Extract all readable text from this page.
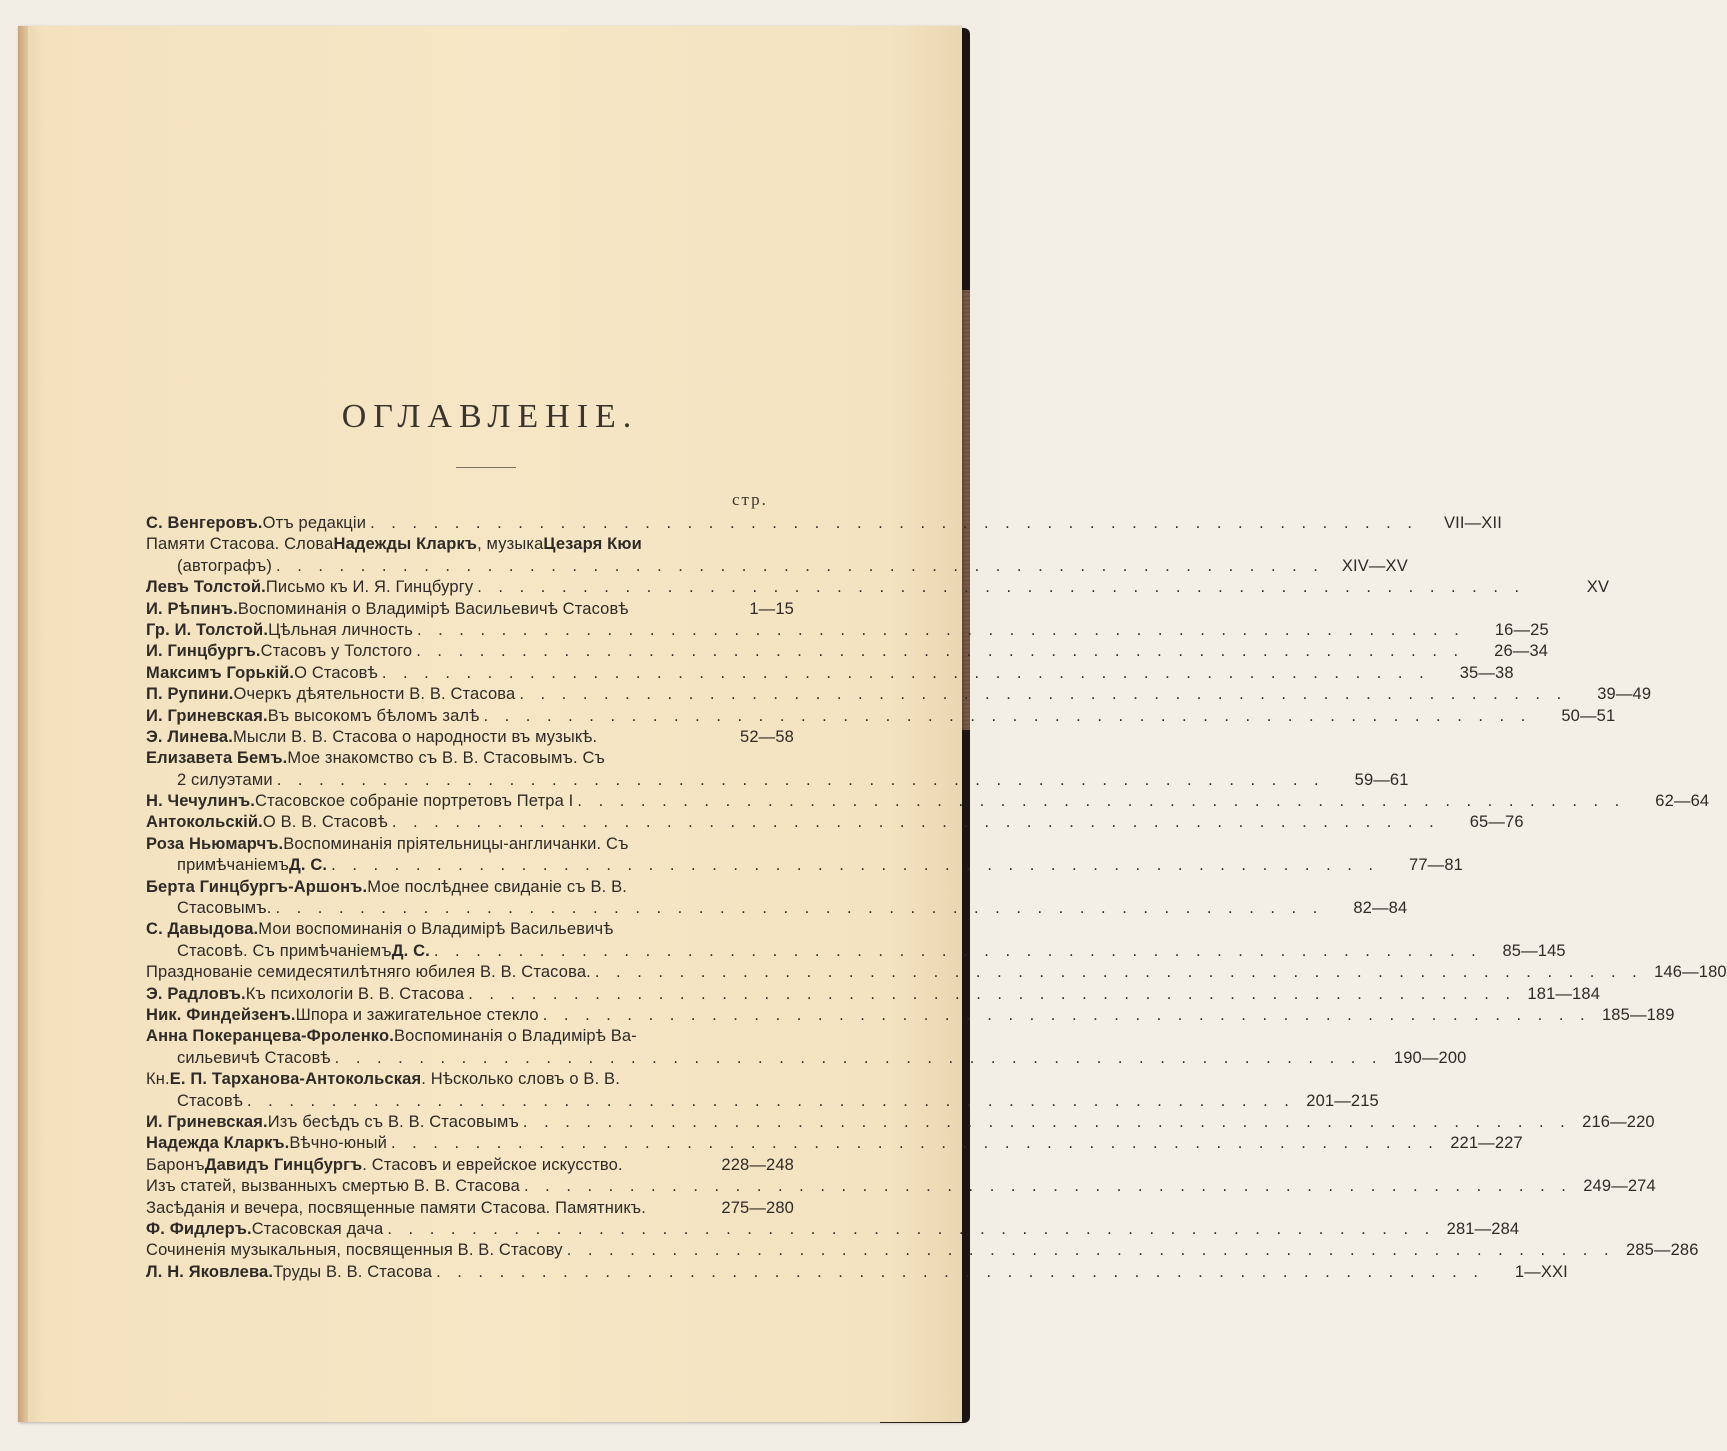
ОГЛАВЛЕНIЕ.
стр.
С. Венгеровъ. Отъ редакціи . . . . . . . . . . . . . . . . . . . . . . . . . . . . . . . . . . . . . . . . . . . . . . . . . .	VII—XII
Памяти Стасова. Слова Надежды Кларкъ , музыка Цезаря Кюи
(автографъ) . . . . . . . . . . . . . . . . . . . . . . . . . . . . . . . . . . . . . . . . . . . . . . . . . .	XIV—XV
Левъ Толстой. Письмо къ И. Я. Гинцбургу . . . . . . . . . . . . . . . . . . . . . . . . . . . . . . . . . . . . . . . . . . . . . . . . . .	XV
И. Рѣпинъ. Воспоминанія о Владимірѣ Васильевичѣ Стасовѣ	1—15
Гр. И. Толстой. Цѣльная личность . . . . . . . . . . . . . . . . . . . . . . . . . . . . . . . . . . . . . . . . . . . . . . . . . .	16—25
И. Гинцбургъ. Стасовъ у Толстого . . . . . . . . . . . . . . . . . . . . . . . . . . . . . . . . . . . . . . . . . . . . . . . . . .	26—34
Максимъ Горькій. О Стасовѣ . . . . . . . . . . . . . . . . . . . . . . . . . . . . . . . . . . . . . . . . . . . . . . . . . .	35—38
П. Рупини. Очеркъ дѣятельности В. В. Стасова . . . . . . . . . . . . . . . . . . . . . . . . . . . . . . . . . . . . . . . . . . . . . . . . . .	39—49
И. Гриневская. Въ высокомъ бѣломъ залѣ . . . . . . . . . . . . . . . . . . . . . . . . . . . . . . . . . . . . . . . . . . . . . . . . . .	50—51
Э. Линева. Мысли В. В. Стасова о народности въ музыкѣ.	52—58
Елизавета Бемъ. Мое знакомство съ В. В. Стасовымъ. Съ
2 силуэтами . . . . . . . . . . . . . . . . . . . . . . . . . . . . . . . . . . . . . . . . . . . . . . . . . .	59—61
Н. Чечулинъ. Стасовское собраніе портретовъ Петра I . . . . . . . . . . . . . . . . . . . . . . . . . . . . . . . . . . . . . . . . . . . . . . . . . .	62—64
Антокольскій. О В. В. Стасовѣ . . . . . . . . . . . . . . . . . . . . . . . . . . . . . . . . . . . . . . . . . . . . . . . . . .	65—76
Роза Ньюмарчъ. Воспоминанія пріятельницы-англичанки. Съ
примѣчаніемъ Д. С. . . . . . . . . . . . . . . . . . . . . . . . . . . . . . . . . . . . . . . . . . . . . . . . . . .	77—81
Берта Гинцбургъ-Аршонъ. Мое послѣднее свиданіе съ В. В.
Стасовымъ. . . . . . . . . . . . . . . . . . . . . . . . . . . . . . . . . . . . . . . . . . . . . . . . . . .	82—84
С. Давыдова. Мои воспоминанія о Владимірѣ Васильевичѣ
Стасовѣ. Съ примѣчаніемъ Д. С. . . . . . . . . . . . . . . . . . . . . . . . . . . . . . . . . . . . . . . . . . . . . . . . . . .	85—145
Празднованіе семидесятилѣтняго юбилея В. В. Стасова. . . . . . . . . . . . . . . . . . . . . . . . . . . . . . . . . . . . . . . . . . . . . . . . . . . 146—180
Э. Радловъ. Къ психологіи В. В. Стасова . . . . . . . . . . . . . . . . . . . . . . . . . . . . . . . . . . . . . . . . . . . . . . . . . . 181—184
Ник. Финдейзенъ. Шпора и зажигательное стекло . . . . . . . . . . . . . . . . . . . . . . . . . . . . . . . . . . . . . . . . . . . . . . . . . . 185—189
Анна Покеранцева-Фроленко. Воспоминанія о Владимірѣ Ва-
сильевичѣ Стасовѣ . . . . . . . . . . . . . . . . . . . . . . . . . . . . . . . . . . . . . . . . . . . . . . . . . . 190—200
Кн. Е. П. Тарханова-Антокольская . Нѣсколько словъ о В. В.
Стасовѣ . . . . . . . . . . . . . . . . . . . . . . . . . . . . . . . . . . . . . . . . . . . . . . . . . . 201—215
И. Гриневская. Изъ бесѣдъ съ В. В. Стасовымъ . . . . . . . . . . . . . . . . . . . . . . . . . . . . . . . . . . . . . . . . . . . . . . . . . . 216—220
Надежда Кларкъ. Вѣчно-юный . . . . . . . . . . . . . . . . . . . . . . . . . . . . . . . . . . . . . . . . . . . . . . . . . . 221—227
Баронъ Давидъ Гинцбургъ . Стасовъ и еврейское искусство.	228—248
Изъ статей, вызванныхъ смертью В. В. Стасова . . . . . . . . . . . . . . . . . . . . . . . . . . . . . . . . . . . . . . . . . . . . . . . . . . 249—274
Засѣданія и вечера, посвященные памяти Стасова. Памятникъ.	275—280
Ф. Фидлеръ. Стасовская дача . . . . . . . . . . . . . . . . . . . . . . . . . . . . . . . . . . . . . . . . . . . . . . . . . . 281—284
Сочиненія музыкальныя, посвященныя В. В. Стасову . . . . . . . . . . . . . . . . . . . . . . . . . . . . . . . . . . . . . . . . . . . . . . . . . . 285—286
Л. Н. Яковлева. Труды В. В. Стасова . . . . . . . . . . . . . . . . . . . . . . . . . . . . . . . . . . . . . . . . . . . . . . . . . .	1—XXI
